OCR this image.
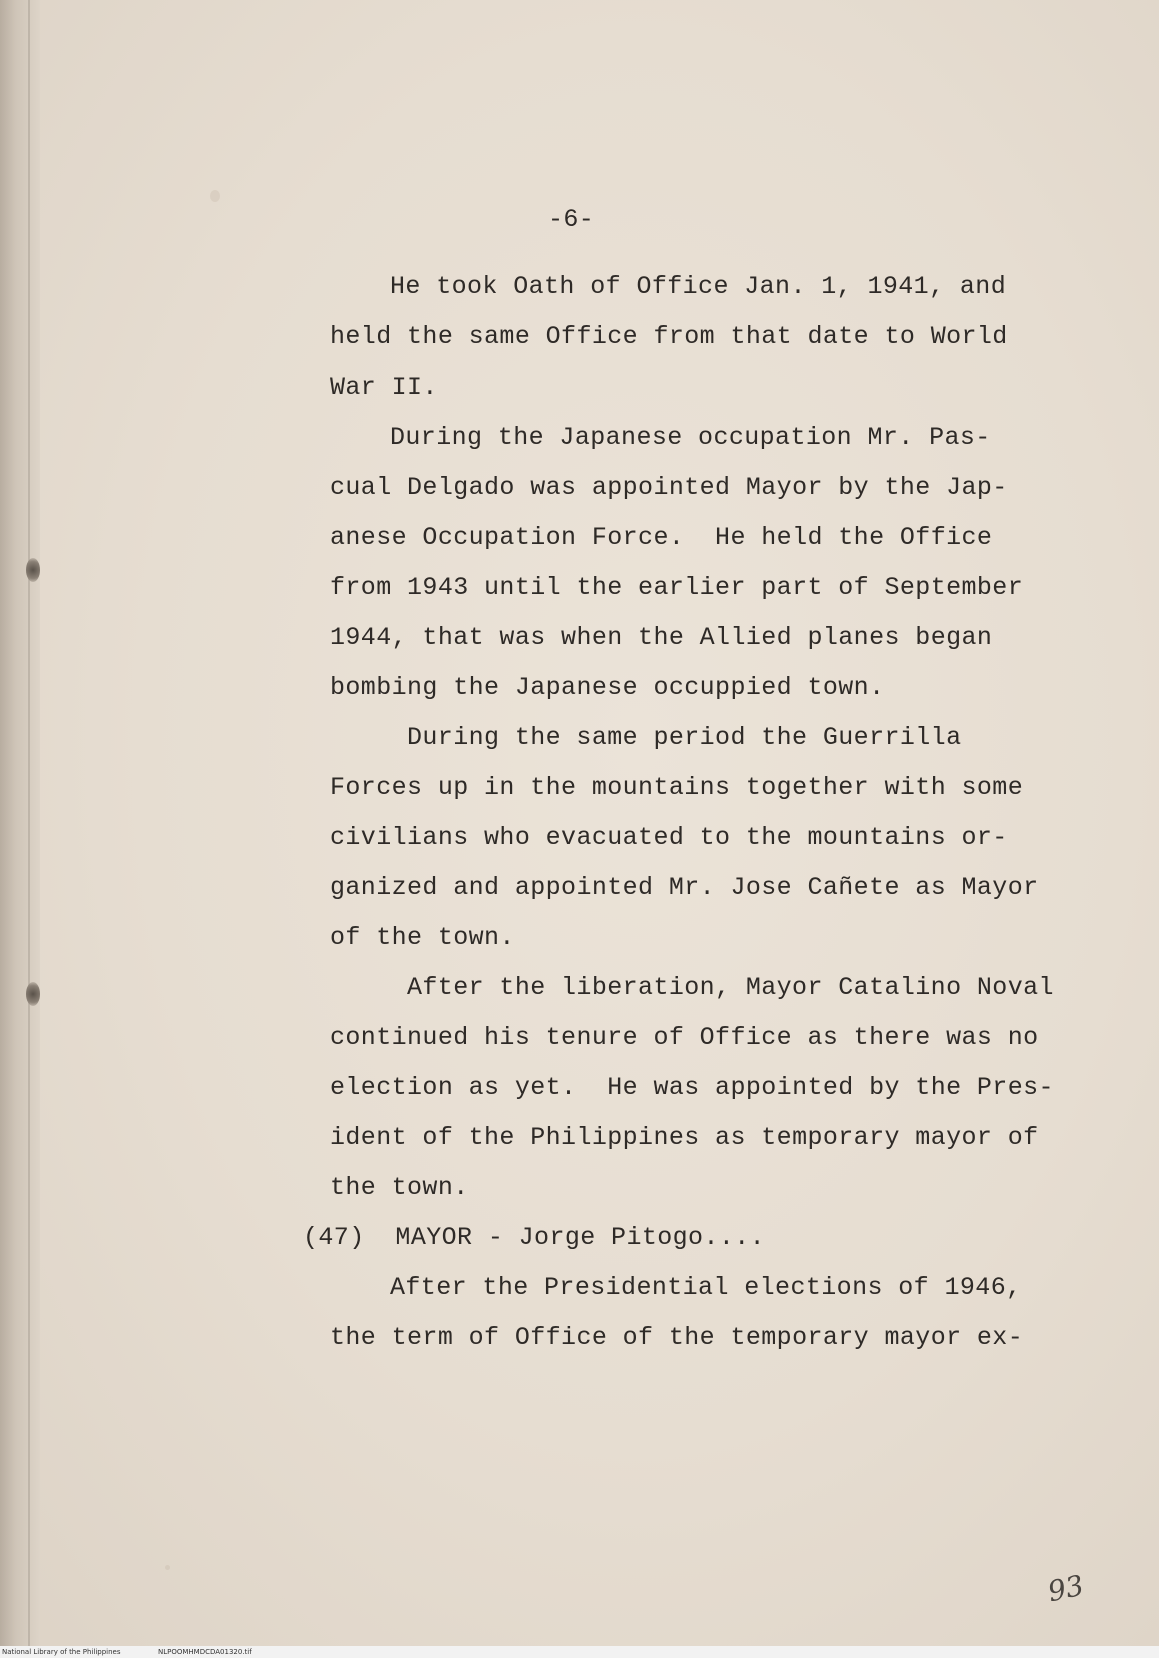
-6-
He took Oath of Office Jan. 1, 1941, and
held the same Office from that date to World
War II.
During the Japanese occupation Mr. Pas-
cual Delgado was appointed Mayor by the Jap-
anese Occupation Force.  He held the Office
from 1943 until the earlier part of September
1944, that was when the Allied planes began
bombing the Japanese occuppied town.
During the same period the Guerrilla
Forces up in the mountains together with some
civilians who evacuated to the mountains or-
ganized and appointed Mr. Jose Cañete as Mayor
of the town.
After the liberation, Mayor Catalino Noval
continued his tenure of Office as there was no
election as yet.  He was appointed by the Pres-
ident of the Philippines as temporary mayor of
the town.
(47)  MAYOR - Jorge Pitogo....
After the Presidential elections of 1946,
the term of Office of the temporary mayor ex-
93
National Library of the Philippines	NLPOOMHMDCDA01320.tif
